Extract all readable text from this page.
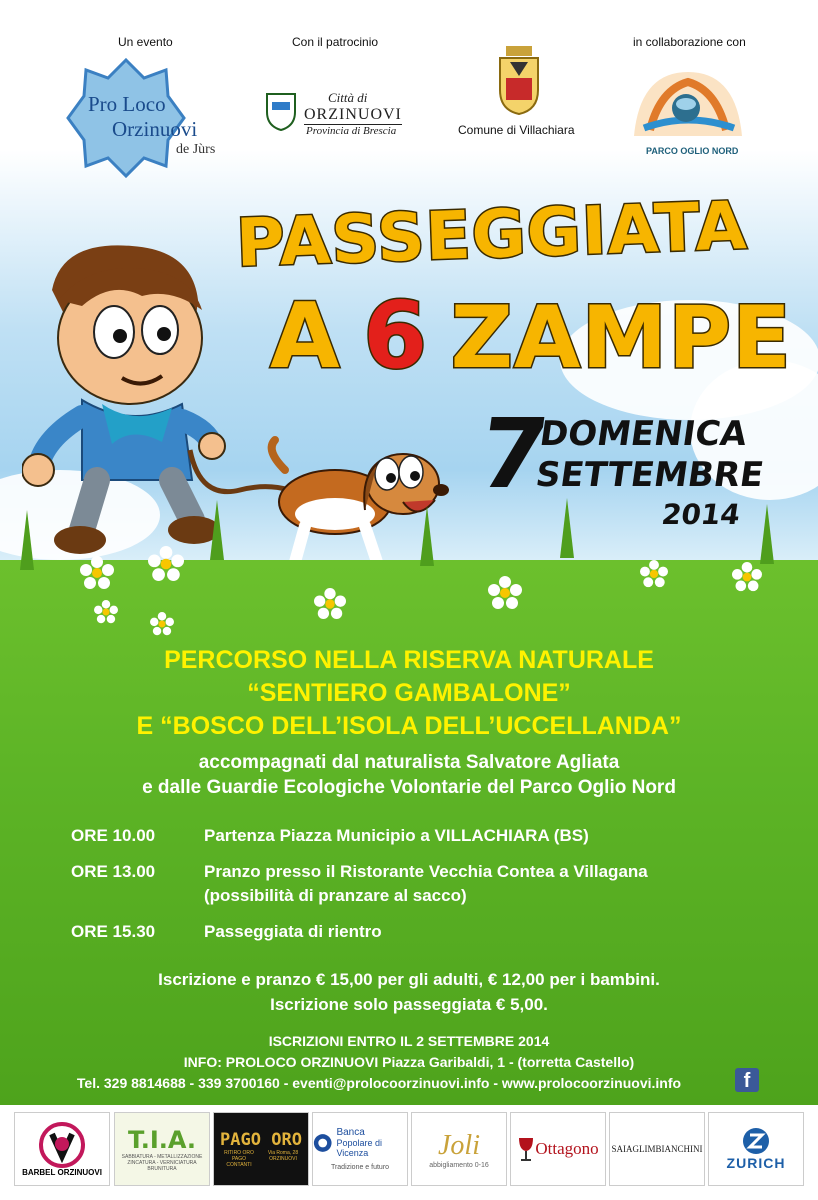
Un evento	Con il patrocinio	in collaborazione con
Pro Loco
Orzinuovi
de Jùrs
Città di
ORZINUOVI
Provincia di Brescia	Comune di Villachiara
PARCO OGLIO NORD
PASSEGGIATA
A 6 ZAMPE
7
DOMENICA
SETTEMBRE
2014
PERCORSO NELLA RISERVA NATURALE
“SENTIERO GAMBALONE”
E “BOSCO DELL’ISOLA DELL’UCCELLANDA”
accompagnati dal naturalista Salvatore Agliata
e dalle Guardie Ecologiche Volontarie del Parco Oglio Nord
ORE 10.00	Partenza Piazza Municipio a VILLACHIARA (BS)
ORE 13.00	Pranzo presso il Ristorante Vecchia Contea a Villagana
(possibilità di pranzare al sacco)
ORE 15.30	Passeggiata di rientro
Iscrizione e pranzo € 15,00 per gli adulti, € 12,00 per i bambini.
Iscrizione solo passeggiata € 5,00.
ISCRIZIONI ENTRO IL 2 SETTEMBRE 2014
INFO: PROLOCO ORZINUOVI Piazza Garibaldi, 1 - (torretta Castello)
Tel. 329 8814688 - 339 3700160 - eventi@prolocoorzinuovi.info - www.prolocoorzinuovi.info	f
BARBEL ORZINUOVI
T.I.A.
SABBIATURA - METALLIZZAZIONE ZINCATURA - VERNICIATURA BRUNITURA
PAGO ORO
RITIRO ORO PAGO CONTANTI
Via Roma, 28 ORZINUOVI
Banca
Popolare di Vicenza
Tradizione e futuro
Joli
abbigliamento 0-16
Ottagono SAIAGLIMBIANCHINI
ZURICH
